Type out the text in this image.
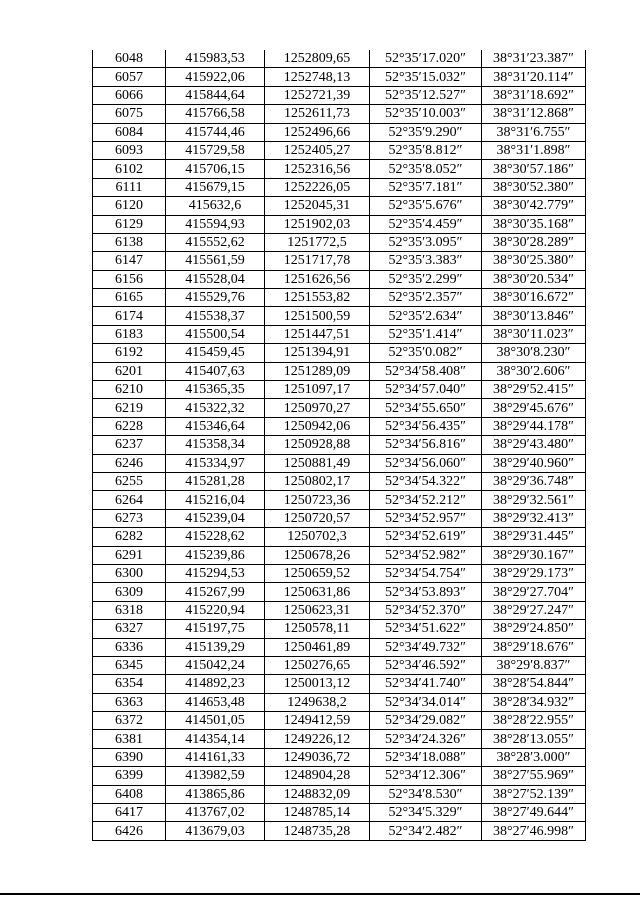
6048	415983,53	1252809,65	52°35′17.020″	38°31′23.387″
6057	415922,06	1252748,13	52°35′15.032″	38°31′20.114″
6066	415844,64	1252721,39	52°35′12.527″	38°31′18.692″
6075	415766,58	1252611,73	52°35′10.003″	38°31′12.868″
6084	415744,46	1252496,66	52°35′9.290″	38°31′6.755″
6093	415729,58	1252405,27	52°35′8.812″	38°31′1.898″
6102	415706,15	1252316,56	52°35′8.052″	38°30′57.186″
6111	415679,15	1252226,05	52°35′7.181″	38°30′52.380″
6120	415632,6	1252045,31	52°35′5.676″	38°30′42.779″
6129	415594,93	1251902,03	52°35′4.459″	38°30′35.168″
6138	415552,62	1251772,5	52°35′3.095″	38°30′28.289″
6147	415561,59	1251717,78	52°35′3.383″	38°30′25.380″
6156	415528,04	1251626,56	52°35′2.299″	38°30′20.534″
6165	415529,76	1251553,82	52°35′2.357″	38°30′16.672″
6174	415538,37	1251500,59	52°35′2.634″	38°30′13.846″
6183	415500,54	1251447,51	52°35′1.414″	38°30′11.023″
6192	415459,45	1251394,91	52°35′0.082″	38°30′8.230″
6201	415407,63	1251289,09	52°34′58.408″	38°30′2.606″
6210	415365,35	1251097,17	52°34′57.040″	38°29′52.415″
6219	415322,32	1250970,27	52°34′55.650″	38°29′45.676″
6228	415346,64	1250942,06	52°34′56.435″	38°29′44.178″
6237	415358,34	1250928,88	52°34′56.816″	38°29′43.480″
6246	415334,97	1250881,49	52°34′56.060″	38°29′40.960″
6255	415281,28	1250802,17	52°34′54.322″	38°29′36.748″
6264	415216,04	1250723,36	52°34′52.212″	38°29′32.561″
6273	415239,04	1250720,57	52°34′52.957″	38°29′32.413″
6282	415228,62	1250702,3	52°34′52.619″	38°29′31.445″
6291	415239,86	1250678,26	52°34′52.982″	38°29′30.167″
6300	415294,53	1250659,52	52°34′54.754″	38°29′29.173″
6309	415267,99	1250631,86	52°34′53.893″	38°29′27.704″
6318	415220,94	1250623,31	52°34′52.370″	38°29′27.247″
6327	415197,75	1250578,11	52°34′51.622″	38°29′24.850″
6336	415139,29	1250461,89	52°34′49.732″	38°29′18.676″
6345	415042,24	1250276,65	52°34′46.592″	38°29′8.837″
6354	414892,23	1250013,12	52°34′41.740″	38°28′54.844″
6363	414653,48	1249638,2	52°34′34.014″	38°28′34.932″
6372	414501,05	1249412,59	52°34′29.082″	38°28′22.955″
6381	414354,14	1249226,12	52°34′24.326″	38°28′13.055″
6390	414161,33	1249036,72	52°34′18.088″	38°28′3.000″
6399	413982,59	1248904,28	52°34′12.306″	38°27′55.969″
6408	413865,86	1248832,09	52°34′8.530″	38°27′52.139″
6417	413767,02	1248785,14	52°34′5.329″	38°27′49.644″
6426	413679,03	1248735,28	52°34′2.482″	38°27′46.998″
